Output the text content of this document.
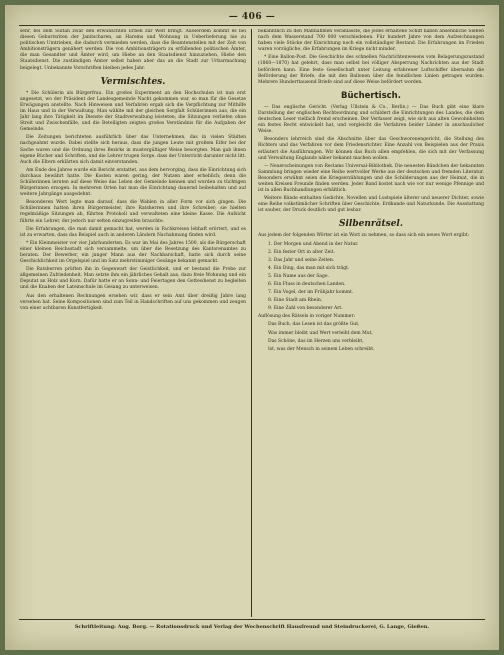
— 406 —

sehr, bei dem Sultan zwar den erwünschten Erben zur Welt bringt. Ausserdem kommt es bei diesen Geburtsriten der Janitscharen, an Harems und Wohnung in Ueberlieferung nie zu politischen Umtrieben, die dadurch vermieden werden, dass die Beamtenstellen mit der Zeit von Ambitionsträgern genähert werden. Die von Ambitionsträgern zu erfüllenden politischen Ämter, die man Gesandter und Ämter wird, um Hiebe an den Staatsdienst hinzuziehen, Hiebe den Staatsdienst. Die zuständigen Ämter selbst haben aber das an die Stadt zur Urbarmachung beigelegt. Unbekannte Vorschriften bleiben jedes Jahr.

Vermischtes.

* Die Schülerin als Bürgerfrau. Ein großes Experiment an den Hochschulen ist nun erst angesetzt, wo der Präsident der Landesgemeinde Nacht gekommen war, so man für die Gesetze Erwägungen anstellte. Nach Hinweisen und Verfahren ergab sich die Verpflichtung zur Mithilfe im Haus und in der Verwaltung. Man wählte mit der gleichen Sorgfalt Schülerinnen aus, die ein Jahr lang ihre Tätigkeit im Dienste der Stadtverwaltung leisteten; die Sitzungen verliefen ohne Streit und Zwischenfälle, und die Beteiligten zeigten großes Verständnis für die Aufgaben der Gemeinde.

Die Zeitungen berichteten ausführlich über das Unternehmen, das in vielen Städten nachgeahmt wurde. Dabei stellte sich heraus, dass die jungen Leute mit großem Eifer bei der Sache waren und die Ordnung ihres Bezirks in mustergültiger Weise besorgten. Man gab ihnen eigene Bücher und Schriften, und die Lehrer trugen Sorge, dass der Unterricht darunter nicht litt. Auch die Eltern erklärten sich damit einverstanden.

Am Ende des Jahres wurde ein Bericht erstattet, aus dem hervorging, dass die Einrichtung sich durchaus bewährt hatte. Die Kosten waren gering, der Nutzen aber erheblich; denn die Schülerinnen lernten auf diese Weise das Leben der Gemeinde kennen und wurden zu tüchtigen Bürgerinnen erzogen. In mehreren Orten hat man die Einrichtung dauernd beibehalten und auf weitere Jahrgänge ausgedehnt.

Besonderen Wert legte man darauf, dass die Wahlen in aller Form vor sich gingen. Die Schülerinnen hatten ihren Bürgermeister, ihre Ratsherren und ihre Schreiber; sie hielten regelmäßige Sitzungen ab, führten Protokoll und verwalteten eine kleine Kasse. Die Aufsicht führte ein Lehrer, der jedoch nur selten einzugreifen brauchte.

Die Erfahrungen, die man damit gemacht hat, werden in Fachkreisen lebhaft erörtert, und es ist zu erwarten, dass das Beispiel auch in anderen Ländern Nachahmung finden wird.

* Ein Kleinmeister vor vier Jahrhunderten. Es war im Mai des Jahres 1500, als die Bürgerschaft einer kleinen Reichsstadt sich versammelte, um über die Besetzung des Kantorenamtes zu beraten. Der Bewerber, ein junger Mann aus der Nachbarschaft, hatte sich durch seine Geschicklichkeit im Orgelspiel und im Satz mehrstimmiger Gesänge bekannt gemacht.

Die Ratsherren prüften ihn in Gegenwart der Geistlichkeit, und er bestand die Probe zur allgemeinen Zufriedenheit. Man setzte ihm ein jährliches Gehalt aus, dazu freie Wohnung und ein Deputat an Holz und Korn. Dafür hatte er an Sonn- und Feiertagen den Gottesdienst zu begleiten und die Knaben der Lateinschule im Gesang zu unterweisen.

Aus den erhaltenen Rechnungen ersehen wir, dass er sein Amt über dreißig Jahre lang versehen hat. Seine Kompositionen sind zum Teil in Handschriften auf uns gekommen und zeugen von einer achtbaren Kunstfertigkeit.

bekanntlich zu den Maßnahmen veranlasste, die jedes erhaltene Schiff haben ansehnliche Sieben nach dem Wasserstand 700 000 verschiedenen. Für hundert Jahre von dem Aufzeichnungen haben viele Stücke der Einrichtung noch ein vollständiger Bestand. Die Erfahrungen im Frieden waren vorzügliche, die Erfahrungen im Kriege nicht minder.

* Eine Ballon-Post. Die Geschichte des schnellen Nachrichtenwesens vom Belagerungszustand (1860—1870) hat gelehrt, dass man selbst bei völliger Absperrung Nachrichten aus der Stadt befördern kann. Eine feste Gesellschaft unter Leitung erfahrener Luftschiffer übernahm die Beförderung der Briefe, die mit den Ballonen über die feindlichen Linien getragen wurden. Mehrere Hunderttausend Briefe sind auf diese Weise befördert worden.

Büchertisch.

— Das englische Gericht. (Verlag Ullstein & Co., Berlin.) — Das Buch gibt eine klare Darstellung der englischen Rechtsordnung und schildert die Einrichtungen des Landes, die dem deutschen Leser vielfach fremd erscheinen. Der Verfasser zeigt, wie sich aus alten Gewohnheiten ein festes Recht entwickelt hat, und vergleicht die Verfahren beider Länder in anschaulicher Weise.

Besonders lehrreich sind die Abschnitte über das Geschworenengericht, die Stellung des Richters und das Verfahren vor dem Friedensrichter. Eine Anzahl von Beispielen aus der Praxis erläutert die Ausführungen. Wir können das Buch allen empfehlen, die sich mit der Verfassung und Verwaltung Englands näher bekannt machen wollen.

— Neuerscheinungen von Reclams Universal-Bibliothek. Die neuesten Bändchen der bekannten Sammlung bringen wieder eine Reihe wertvoller Werke aus der deutschen und fremden Literatur. Besonders erwähnt seien die Kriegserzählungen und die Schilderungen aus der Heimat, die in weiten Kreisen Freunde finden werden. Jeder Band kostet nach wie vor nur wenige Pfennige und ist in allen Buchhandlungen erhältlich.

Weitere Bände enthalten Gedichte, Novellen und Lustspiele älterer und neuerer Dichter, sowie eine Reihe volkstümlicher Schriften über Geschichte, Erdkunde und Naturkunde. Die Ausstattung ist sauber, der Druck deutlich und gut lesbar.

Silbenrätsel.

Aus jedem der folgenden Wörter ist ein Wort zu nehmen, so dass sich ein neues Wort ergibt:

1. Der Morgen und Abend in der Natur.

2. Ein fester Ort in alter Zeit.

3. Das Jahr und seine Zeiten.

4. Ein Ding, das man mit sich trägt.

5. Ein Name aus der Sage.

6. Ein Fluss in deutschen Landen.

7. Ein Vogel, der im Frühjahr kommt.

8. Eine Stadt am Rhein.

9. Eine Zahl von besonderer Art.

Auflösung des Rätsels in voriger Nummer:

Das Buch, das Lesen ist das größte Gut,

Was immer bleibt und Wert verleiht dem Mut,

Das Schöne, das im Herzen uns verbleibt,

Ist, was der Mensch in seinem Leben schreibt.

Schriftleitung: Aug. Borg. — Rotationsdruck und Verlag der Wochenschrift Hausfreund und Steindruckerei, G. Lange, Gießen.
